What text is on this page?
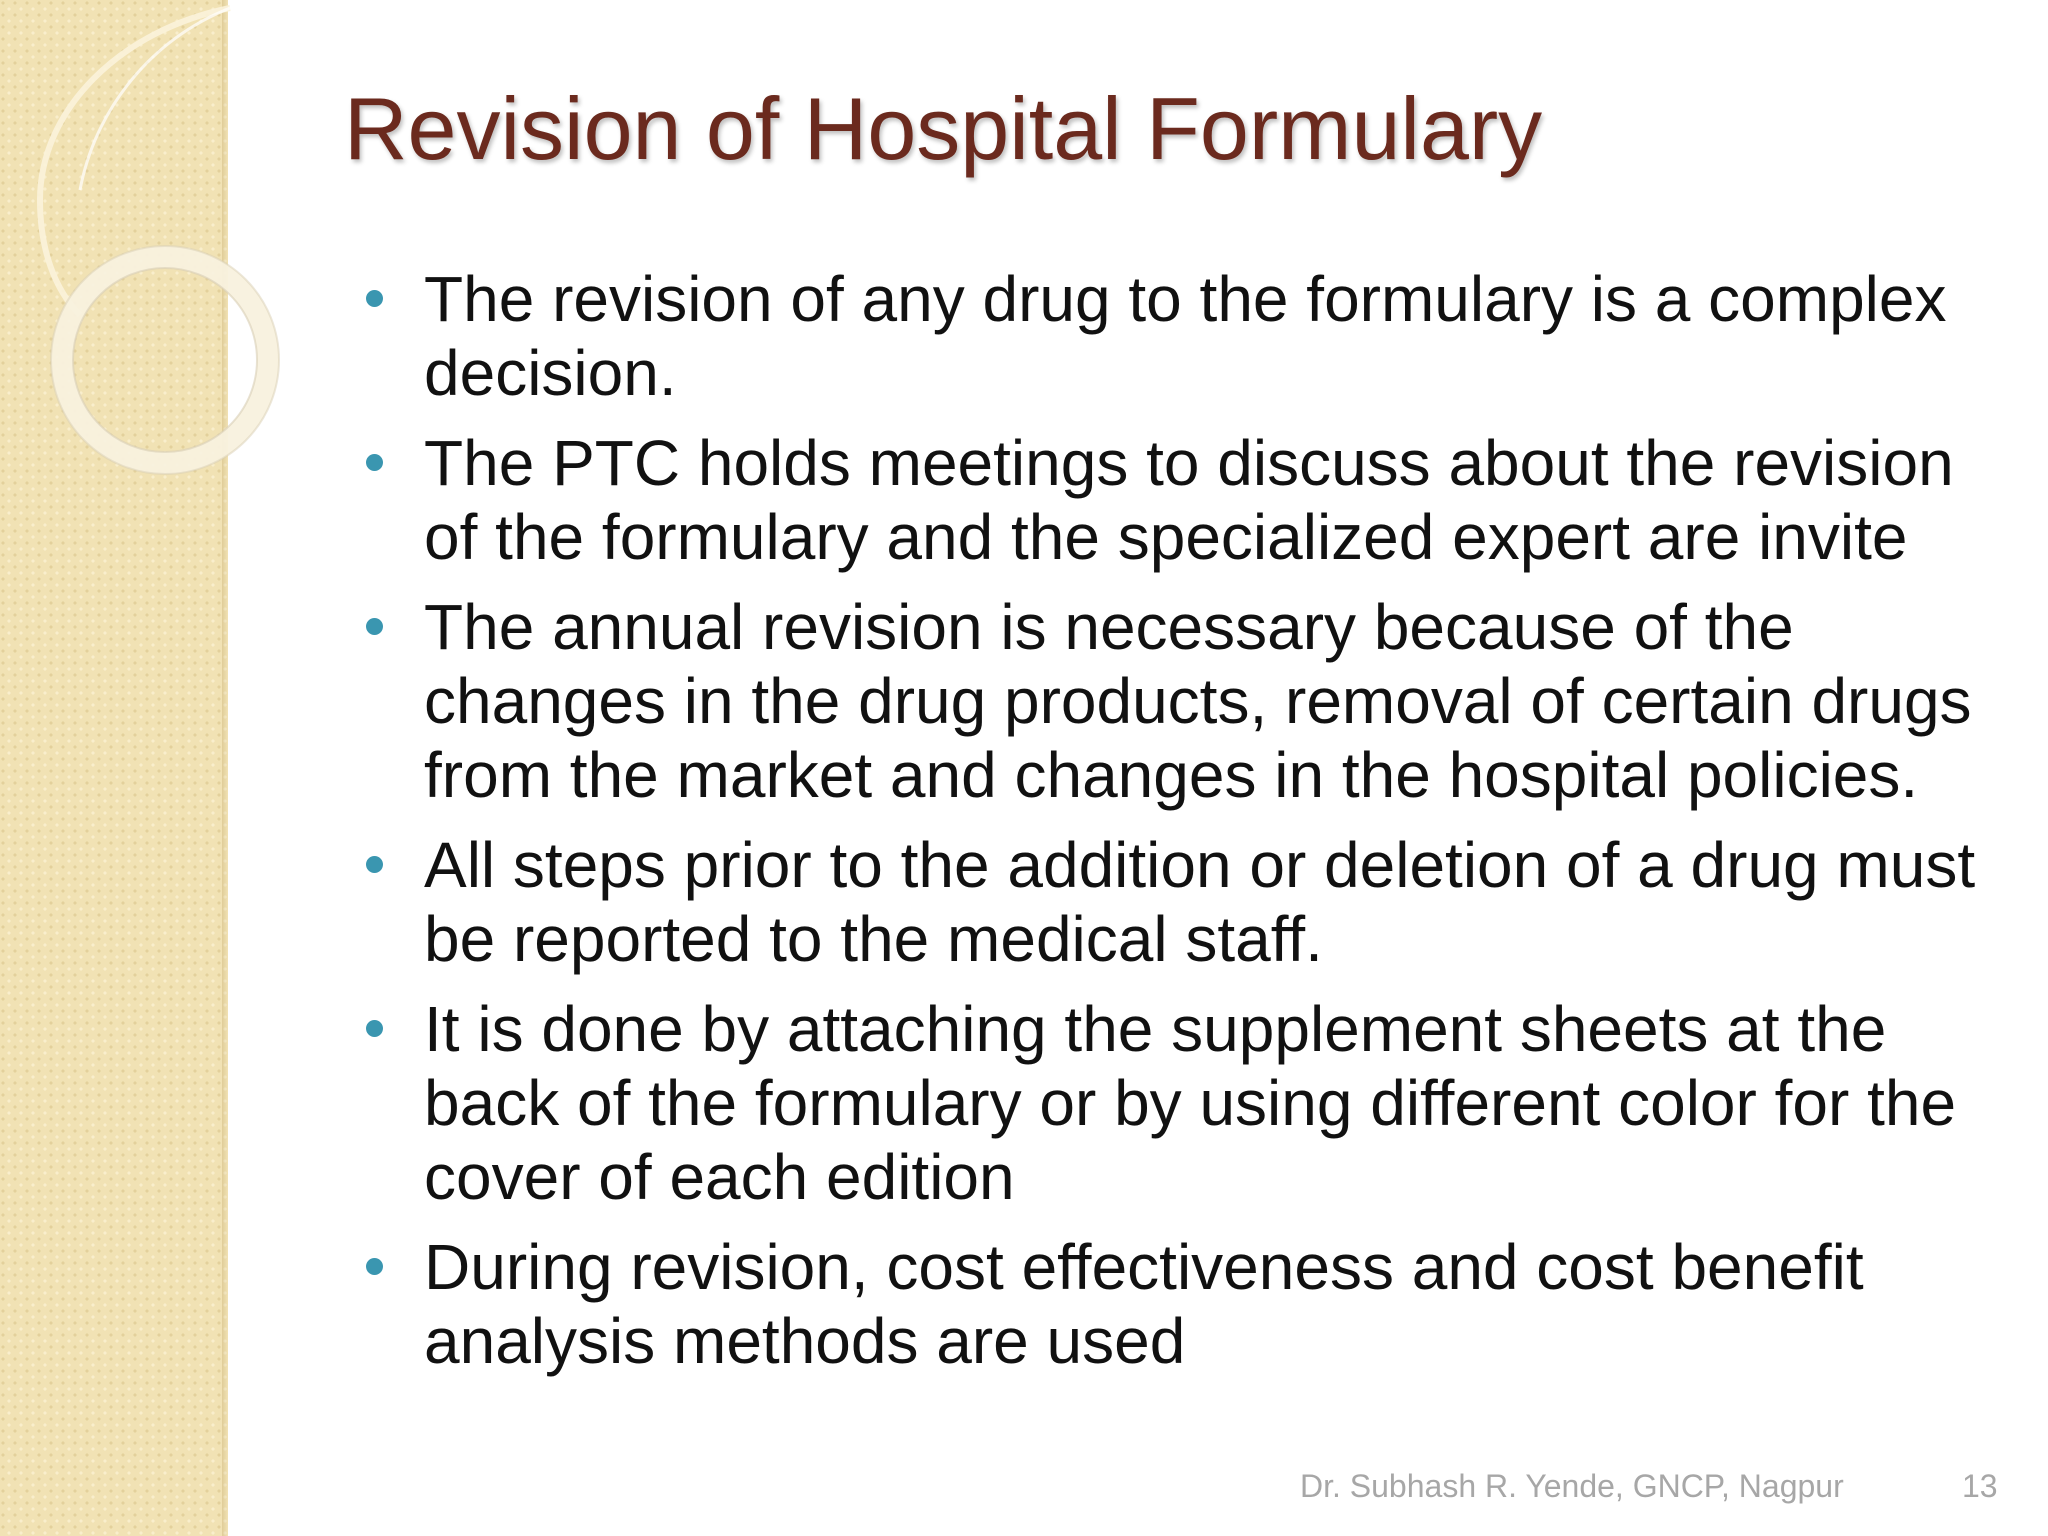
Revision of Hospital Formulary
The revision of any drug to the formulary is a complex decision.
The PTC holds meetings to discuss about the revision of the formulary and the specialized expert are invite
The annual revision is necessary because of the changes in the drug products, removal of certain drugs from the market and changes in the hospital policies.
All steps prior to the addition or deletion of a drug must be reported to the medical staff.
It is done by attaching the supplement sheets at the back of the formulary or by using different color for the cover of each edition
During revision, cost effectiveness and cost benefit analysis methods are used
Dr. Subhash R. Yende, GNCP, Nagpur	13
